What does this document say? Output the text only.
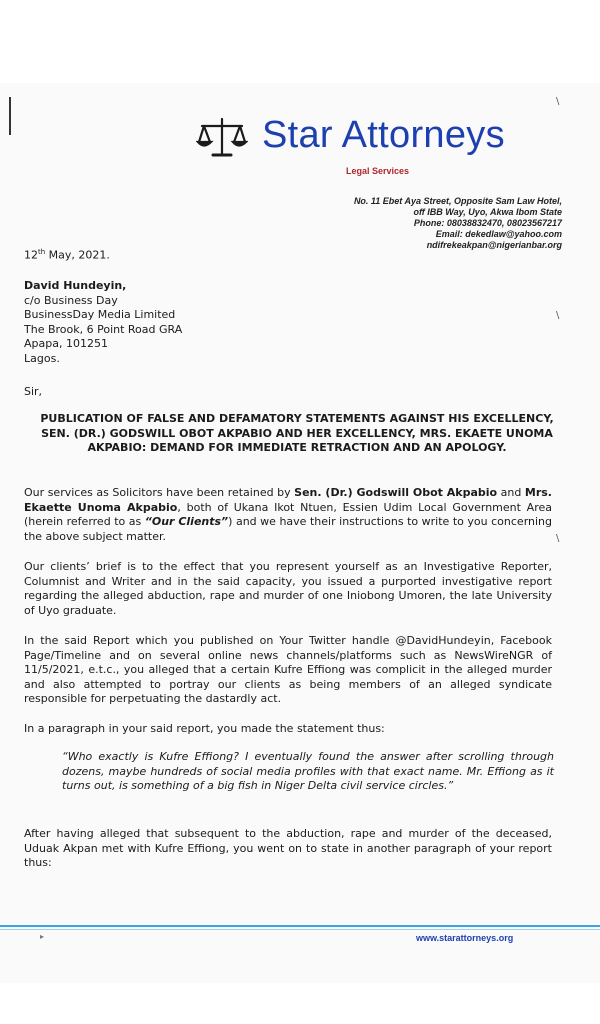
\
\
\
Star Attorneys
Legal Services
No. 11 Ebet Aya Street, Opposite Sam Law Hotel,
off IBB Way, Uyo, Akwa Ibom State
Phone: 08038832470, 08023567217
Email: dekedlaw@yahoo.com
ndifrekeakpan@nigerianbar.org
12th May, 2021.
David Hundeyin,
c/o Business Day
BusinessDay Media Limited
The Brook, 6 Point Road GRA
Apapa, 101251
Lagos.
Sir,
PUBLICATION OF FALSE AND DEFAMATORY STATEMENTS AGAINST HIS EXCELLENCY, SEN. (DR.) GODSWILL OBOT AKPABIO AND HER EXCELLENCY, MRS. EKAETE UNOMA AKPABIO: DEMAND FOR IMMEDIATE RETRACTION AND AN APOLOGY.
Our services as Solicitors have been retained by Sen. (Dr.) Godswill Obot Akpabio and Mrs. Ekaette Unoma Akpabio, both of Ukana Ikot Ntuen, Essien Udim Local Government Area (herein referred to as “Our Clients”) and we have their instructions to write to you concerning the above subject matter.
Our clients’ brief is to the effect that you represent yourself as an Investigative Reporter, Columnist and Writer and in the said capacity, you issued a purported investigative report regarding the alleged abduction, rape and murder of one Iniobong Umoren, the late University of Uyo graduate.
In the said Report which you published on Your Twitter handle @DavidHundeyin, Facebook Page/Timeline and on several online news channels/platforms such as NewsWireNGR of 11/5/2021, e.t.c., you alleged that a certain Kufre Effiong was complicit in the alleged murder and also attempted to portray our clients as being members of an alleged syndicate responsible for perpetuating the dastardly act.
In a paragraph in your said report, you made the statement thus:
“Who exactly is Kufre Effiong? I eventually found the answer after scrolling through dozens, maybe hundreds of social media profiles with that exact name. Mr. Effiong as it turns out, is something of a big fish in Niger Delta civil service circles.”
After having alleged that subsequent to the abduction, rape and murder of the deceased, Uduak Akpan met with Kufre Effiong, you went on to state in another paragraph of your report thus:
▸	www.starattorneys.org
